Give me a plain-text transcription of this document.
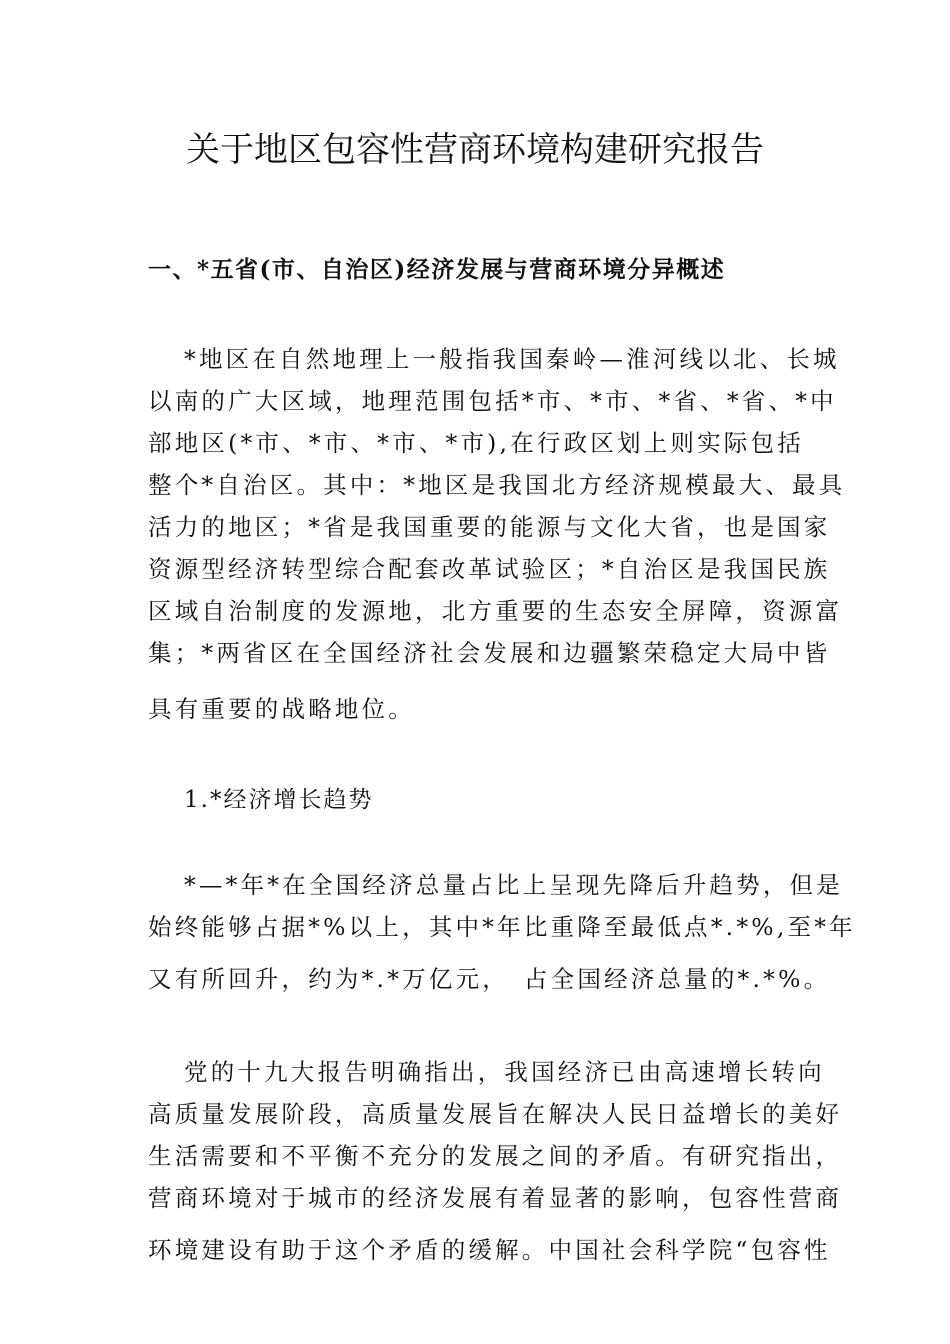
关于地区包容性营商环境构建研究报告
一、*五省(市、自治区)经济发展与营商环境分异概述
*地区在自然地理上一般指我国秦岭—淮河线以北、长城
以南的广大区域，地理范围包括*市、*市、*省、*省、*中
部地区(*市、*市、*市、*市),在行政区划上则实际包括
整个*自治区。其中：*地区是我国北方经济规模最大、最具
活力的地区；*省是我国重要的能源与文化大省，也是国家
资源型经济转型综合配套改革试验区；*自治区是我国民族
区域自治制度的发源地，北方重要的生态安全屏障，资源富
集；*两省区在全国经济社会发展和边疆繁荣稳定大局中皆
具有重要的战略地位。
1.*经济增长趋势
*—*年*在全国经济总量占比上呈现先降后升趋势，但是
始终能够占据*%以上，其中*年比重降至最低点*.*%,至*年
又有所回升，约为*.*万亿元，　占全国经济总量的*.*%。
党的十九大报告明确指出，我国经济已由高速增长转向
高质量发展阶段，高质量发展旨在解决人民日益增长的美好
生活需要和不平衡不充分的发展之间的矛盾。有研究指出，
营商环境对于城市的经济发展有着显著的影响，包容性营商
环境建设有助于这个矛盾的缓解。中国社会科学院“包容性
